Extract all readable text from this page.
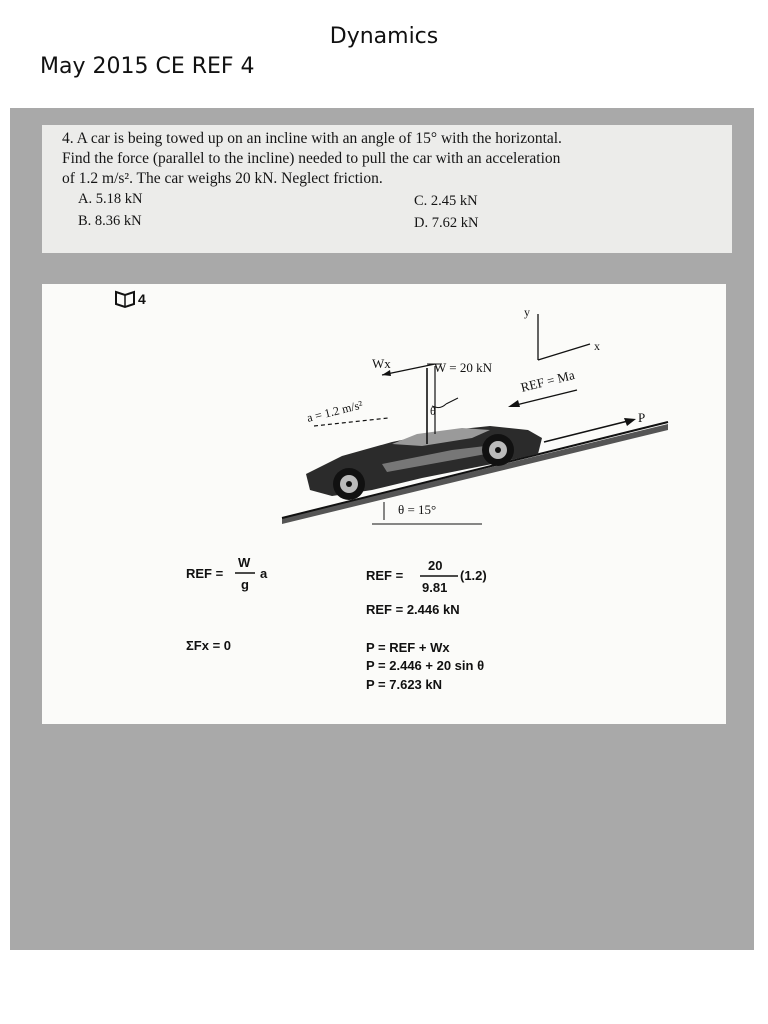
Dynamics
May 2015 CE REF 4
4. A car is being towed up on an incline with an angle of 15° with the horizontal.
Find the force (parallel to the incline) needed to pull the car with an acceleration
of 1.2 m/s². The car weighs 20 kN. Neglect friction.
A. 5.18 kN
B. 8.36 kN
C. 2.45 kN
D. 7.62 kN
4
y
x
Wx	W = 20 kN
θ
REF = Ma
a = 1.2 m/s²	P
θ = 15°
REF =
W
g
a
ΣFx = 0
REF =
20
9.81
(1.2)
REF = 2.446 kN
P = REF + Wx
P = 2.446 + 20 sin θ
P = 7.623 kN
